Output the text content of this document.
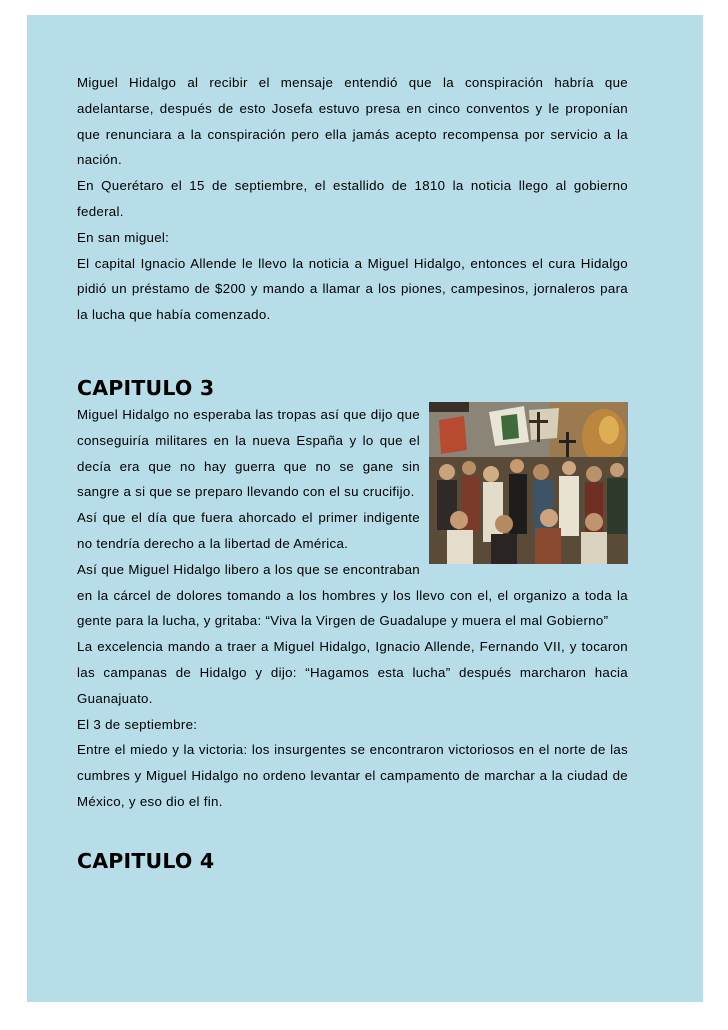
Miguel Hidalgo al recibir el mensaje entendió que la conspiración habría que adelantarse, después de esto Josefa estuvo presa en cinco conventos y le proponían que renunciara a la conspiración pero ella jamás acepto recompensa por servicio a la nación.

En Querétaro el 15 de septiembre, el estallido de 1810 la noticia llego al gobierno federal.

En san miguel:

El capital Ignacio Allende le llevo la noticia a Miguel Hidalgo, entonces el cura Hidalgo pidió un préstamo de $200 y mando a llamar a los piones, campesinos, jornaleros para la lucha que había comenzado.

CAPITULO 3

Miguel Hidalgo no esperaba las tropas así que dijo que conseguiría militares en la nueva España y lo que el decía era que no hay guerra que no se gane sin sangre a si que se preparo llevando con el su crucifijo.

Así que el día que fuera ahorcado el primer indigente no tendría derecho a la libertad de América.

Así que Miguel Hidalgo libero a los que se encontraban en la cárcel de dolores tomando a los hombres y los llevo con el, el organizo a toda la gente para la lucha, y gritaba: “Viva la Virgen de Guadalupe y muera el mal Gobierno”

La excelencia mando a traer a Miguel Hidalgo, Ignacio Allende, Fernando VII, y tocaron las campanas de Hidalgo y dijo: “Hagamos esta lucha” después marcharon hacia Guanajuato.

El 3 de septiembre:

Entre el miedo y la victoria: los insurgentes se encontraron victoriosos en el norte de las cumbres y Miguel Hidalgo no ordeno levantar el campamento de marchar a la ciudad de México, y eso dio el fin.

CAPITULO 4
